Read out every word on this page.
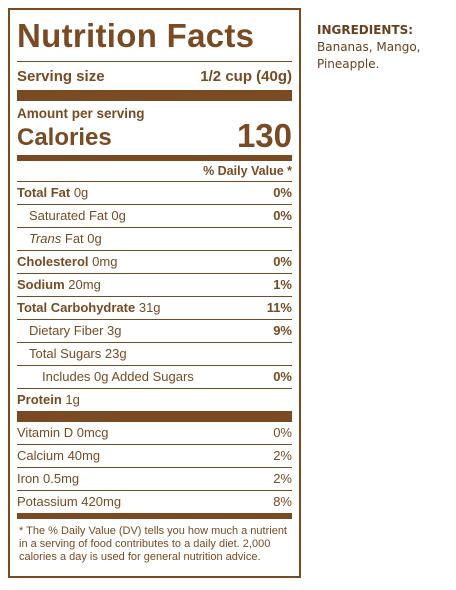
Nutrition Facts
Serving size	1/2 cup (40g)
Amount per serving
Calories	130
% Daily Value *
Total Fat 0g	0%
Saturated Fat 0g	0%
Trans Fat 0g
Cholesterol 0mg	0%
Sodium 20mg	1%
Total Carbohydrate 31g	11%
Dietary Fiber 3g	9%
Total Sugars 23g
Includes 0g Added Sugars	0%
Protein 1g
Vitamin D 0mcg	0%
Calcium 40mg	2%
Iron 0.5mg	2%
Potassium 420mg	8%
* The % Daily Value (DV) tells you how much a nutrient in a serving of food contributes to a daily diet. 2,000 calories a day is used for general nutrition advice.
INGREDIENTS:
Bananas, Mango, Pineapple.
